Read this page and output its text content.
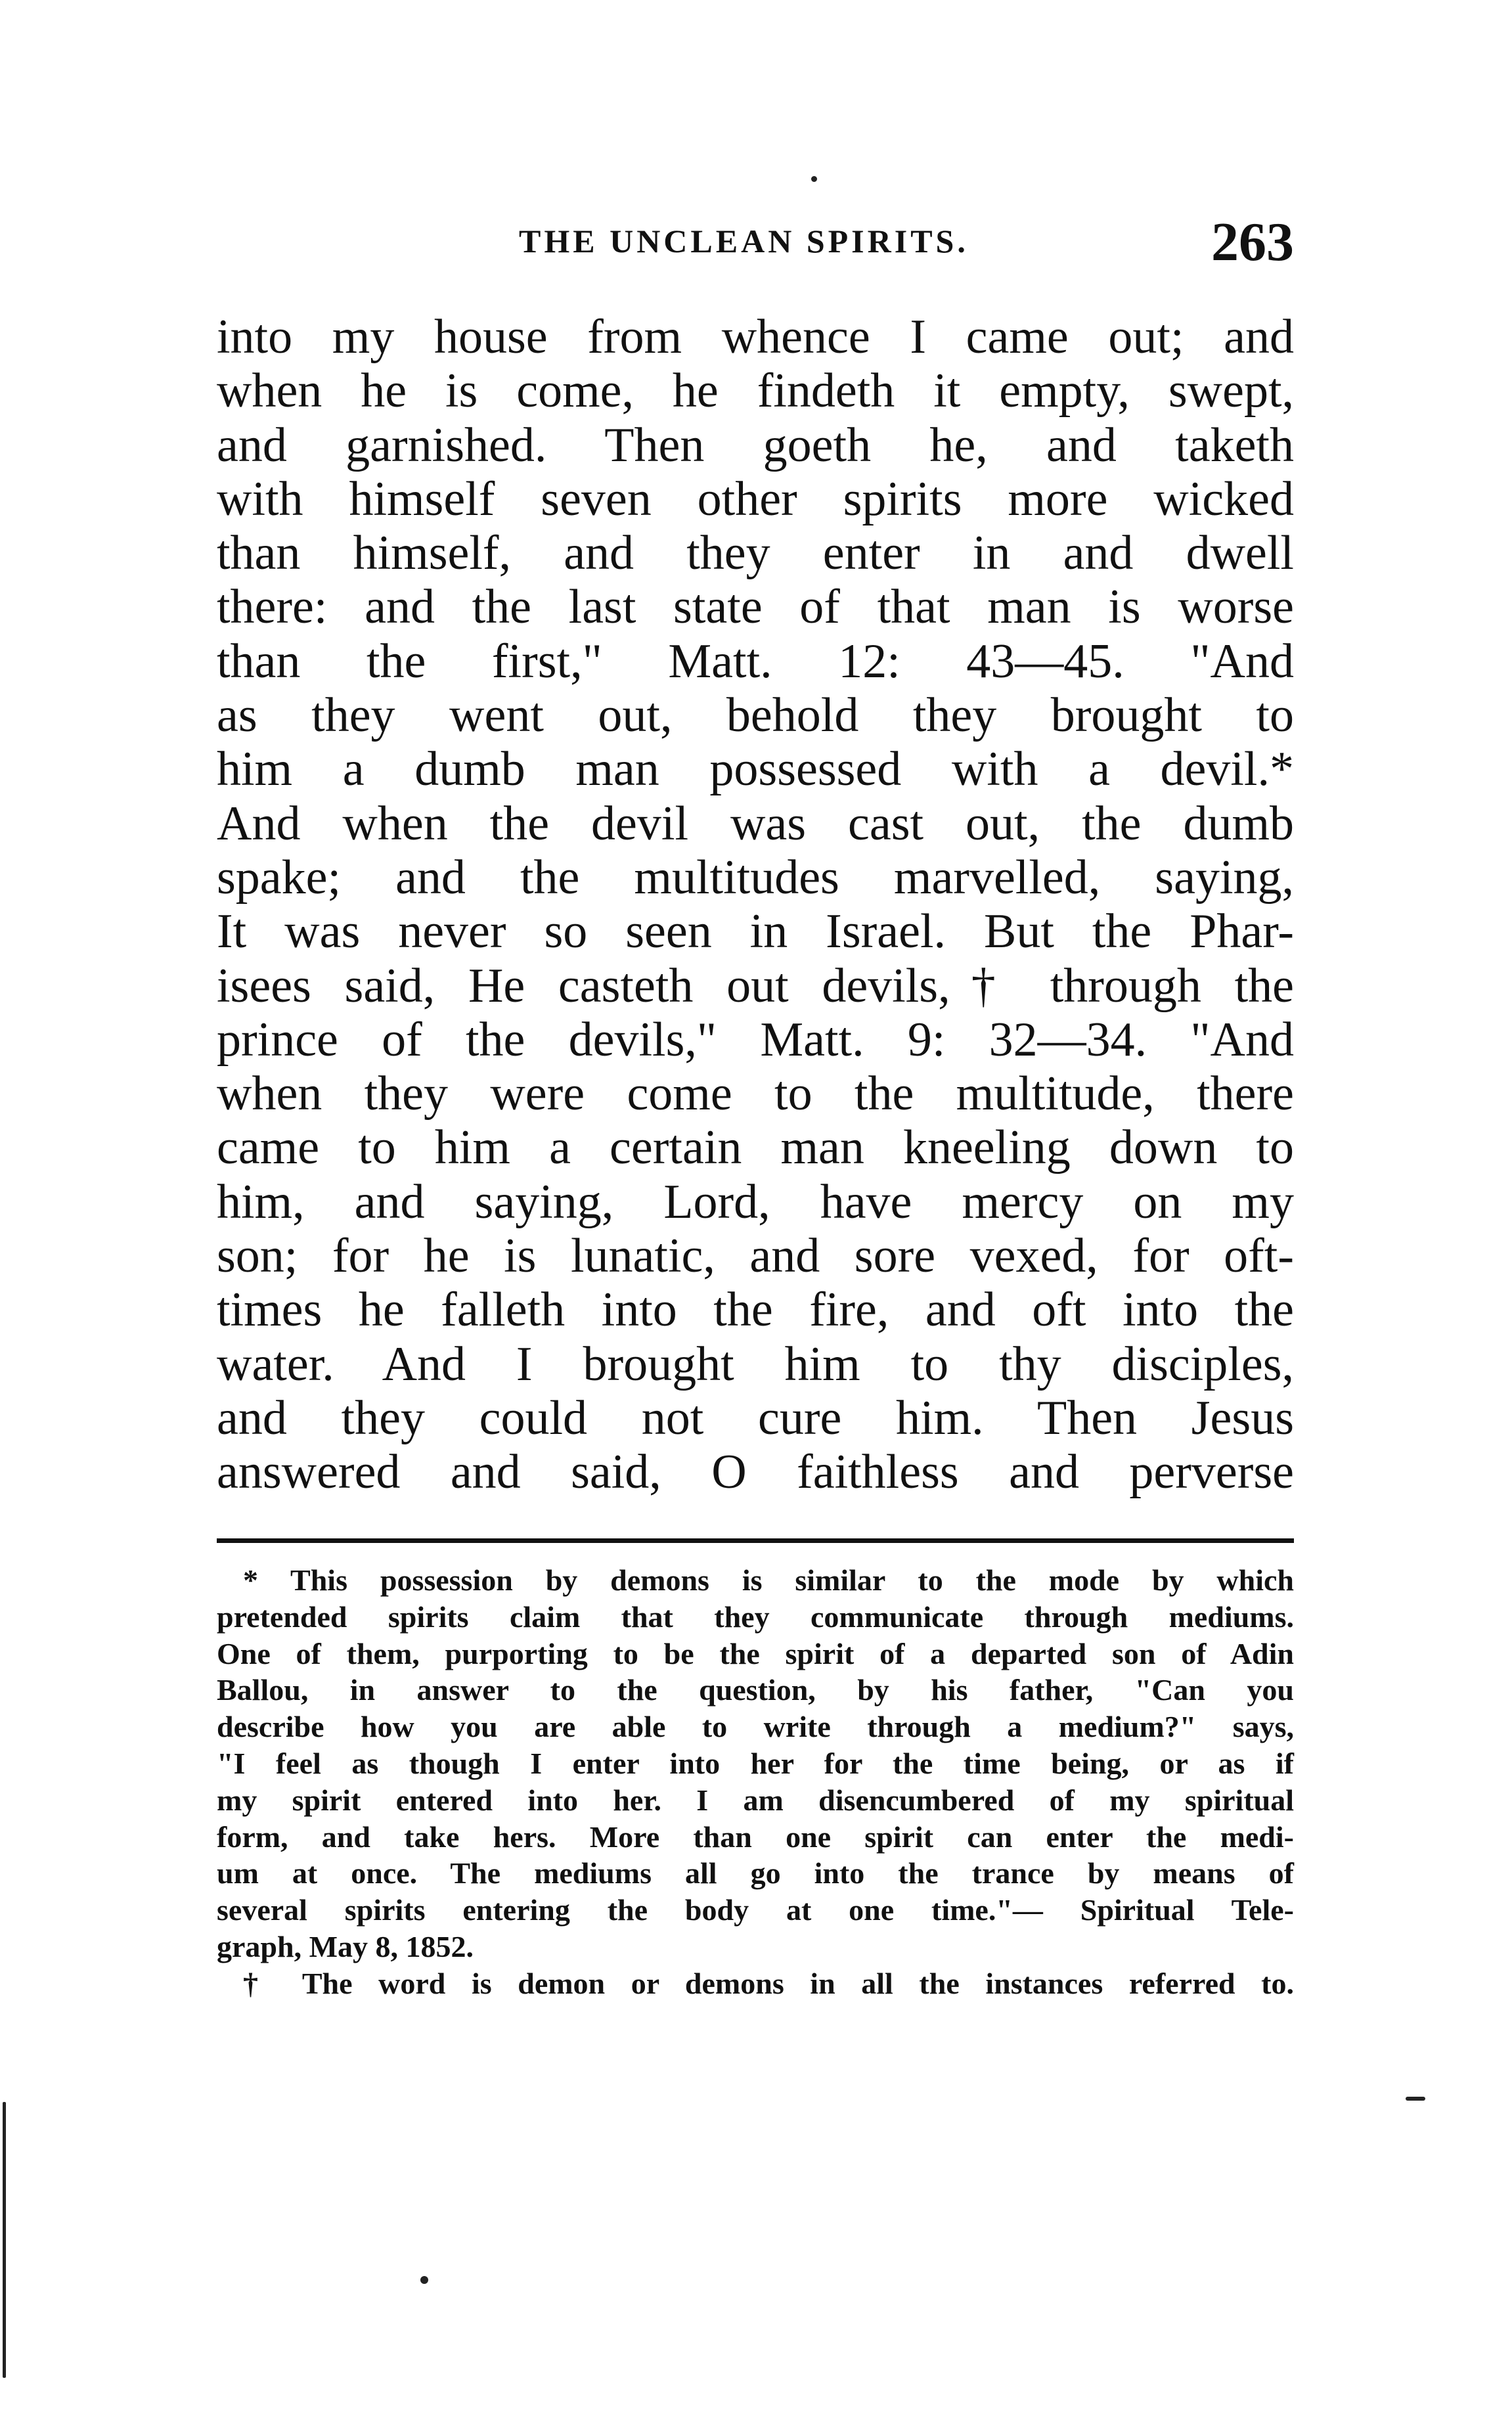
THE UNCLEAN SPIRITS.	263
into my house from whence I came out; and
when he is come, he findeth it empty, swept,
and garnished. Then goeth he, and taketh
with himself seven other spirits more wicked
than himself, and they enter in and dwell
there: and the last state of that man is worse
than the first," Matt. 12: 43—45. "And
as they went out, behold they brought to
him a dumb man possessed with a devil.*
And when the devil was cast out, the dumb
spake; and the multitudes marvelled, saying,
It was never so seen in Israel. But the Phar-
isees said, He casteth out devils,† through the
prince of the devils," Matt. 9: 32—34. "And
when they were come to the multitude, there
came to him a certain man kneeling down to
him, and saying, Lord, have mercy on my
son; for he is lunatic, and sore vexed, for oft-
times he falleth into the fire, and oft into the
water. And I brought him to thy disciples,
and they could not cure him. Then Jesus
answered and said, O faithless and perverse
* This possession by demons is similar to the mode by which
pretended spirits claim that they communicate through mediums.
One of them, purporting to be the spirit of a departed son of Adin
Ballou, in answer to the question, by his father, "Can you
describe how you are able to write through a medium?" says,
"I feel as though I enter into her for the time being, or as if
my spirit entered into her. I am disencumbered of my spiritual
form, and take hers. More than one spirit can enter the medi-
um at once. The mediums all go into the trance by means of
several spirits entering the body at one time."— Spiritual Tele-
graph, May 8, 1852.
† The word is demon or demons in all the instances referred to.
